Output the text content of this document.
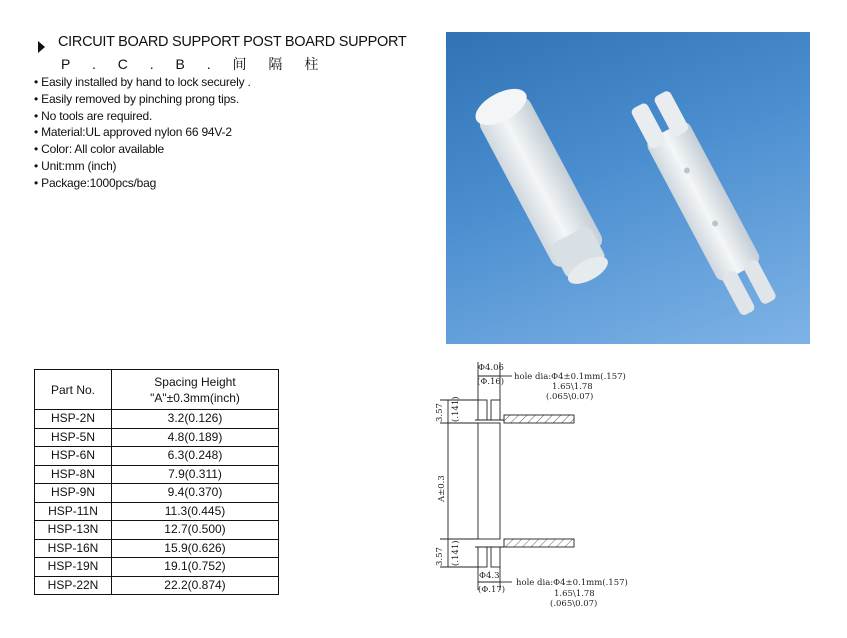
CIRCUIT BOARD SUPPORT POST BOARD SUPPORT
P . C . B . 间 隔 柱
• Easily installed by hand to lock securely .
• Easily removed by pinching prong tips.
• No tools are required.
• Material:UL approved nylon 66 94V-2
• Color: All color available
• Unit:mm (inch)
• Package:1000pcs/bag
Part No.	Spacing Height
"A"±0.3mm(inch)

HSP-2N	3.2(0.126)
HSP-5N	4.8(0.189)
HSP-6N	6.3(0.248)
HSP-8N	7.9(0.311)
HSP-9N	9.4(0.370)
HSP-11N	11.3(0.445)
HSP-13N	12.7(0.500)
HSP-16N	15.9(0.626)
HSP-19N	19.1(0.752)
HSP-22N	22.2(0.874)
Φ4.06
(Φ.16) hole dia:Φ4±0.1mm(.157)
1.65\1.78
(.065\0.07)
3.57 (.141)
A±0.3
3.57 (.141)
Φ4.3
(Φ.17)
hole dia:Φ4±0.1mm(.157)
1.65\1.78
(.065\0.07)
